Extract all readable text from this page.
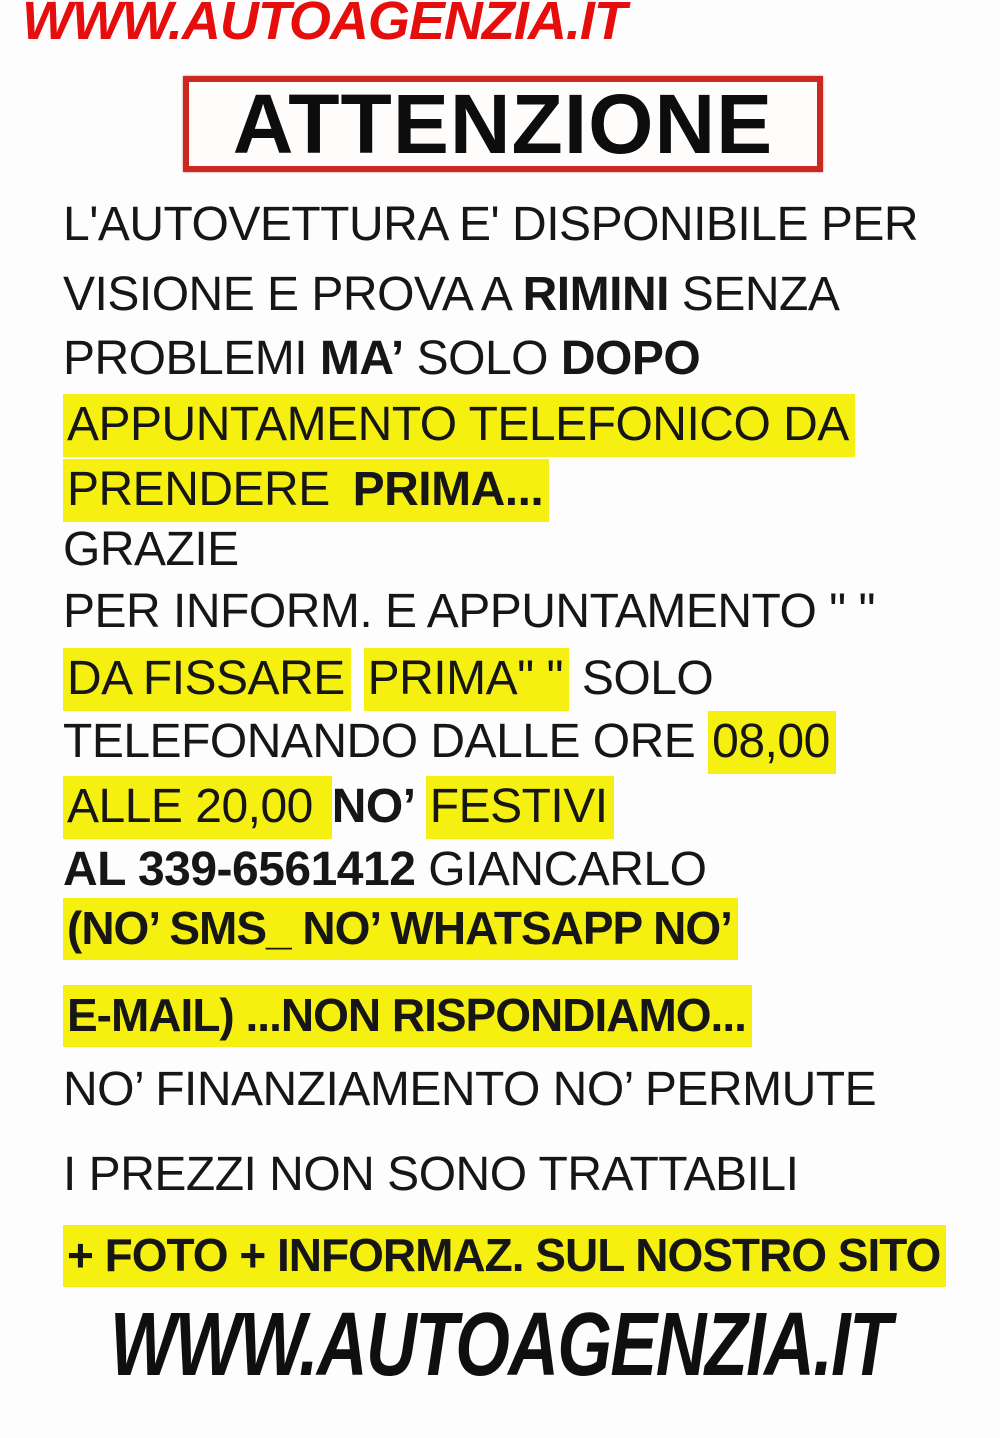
WWW.AUTOAGENZIA.IT
ATTENZIONE
L'AUTOVETTURA E' DISPONIBILE PER
VISIONE E PROVA A RIMINI SENZA
PROBLEMI MA’ SOLO DOPO
APPUNTAMENTO TELEFONICO DA
PRENDERE PRIMA...
GRAZIE
PER INFORM. E APPUNTAMENTO " "
DA FISSARE PRIMA" " SOLO
TELEFONANDO DALLE ORE 08,00
ALLE 20,00 NO’ FESTIVI
AL 339-6561412 GIANCARLO
(NO’ SMS_ NO’ WHATSAPP NO’
E-MAIL) ...NON RISPONDIAMO...
NO’ FINANZIAMENTO NO’ PERMUTE
I PREZZI NON SONO TRATTABILI
+ FOTO + INFORMAZ. SUL NOSTRO SITO
WWW.AUTOAGENZIA.IT
